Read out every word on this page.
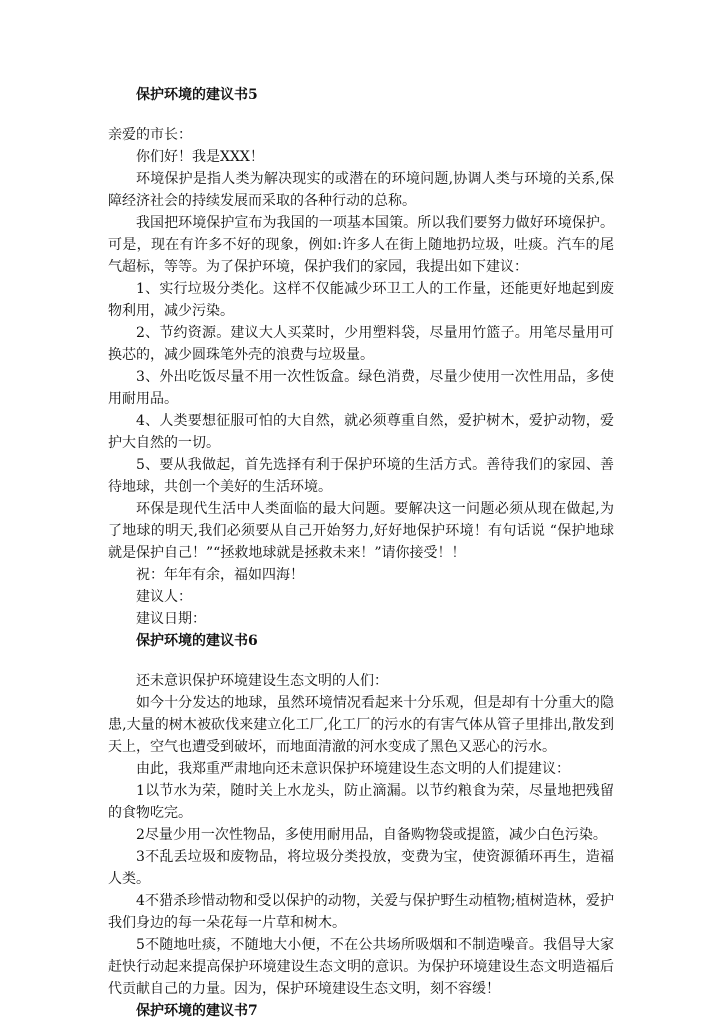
保护环境的建议书5

亲爱的市长：

你们好！我是XXX！

环境保护是指人类为解决现实的或潜在的环境问题,协调人类与环境的关系,保障经济社会的持续发展而采取的各种行动的总称。

我国把环境保护宣布为我国的一项基本国策。所以我们要努力做好环境保护。可是，现在有许多不好的现象，例如:许多人在街上随地扔垃圾，吐痰。汽车的尾气超标，等等。为了保护环境，保护我们的家园，我提出如下建议：

1、实行垃圾分类化。这样不仅能减少环卫工人的工作量，还能更好地起到废物利用，减少污染。

2、节约资源。建议大人买菜时，少用塑料袋，尽量用竹篮子。用笔尽量用可换芯的，减少圆珠笔外壳的浪费与垃圾量。

3、外出吃饭尽量不用一次性饭盒。绿色消费，尽量少使用一次性用品，多使用耐用品。

4、人类要想征服可怕的大自然，就必须尊重自然，爱护树木，爱护动物，爱护大自然的一切。

5、要从我做起，首先选择有利于保护环境的生活方式。善待我们的家园、善待地球，共创一个美好的生活环境。

环保是现代生活中人类面临的最大问题。要解决这一问题必须从现在做起,为了地球的明天,我们必须要从自己开始努力,好好地保护环境！有句话说 “保护地球就是保护自己！”“拯救地球就是拯救未来！”请你接受！！

祝：年年有余，福如四海！

建议人：

建议日期：

保护环境的建议书6

还未意识保护环境建设生态文明的人们：

如今十分发达的地球，虽然环境情况看起来十分乐观，但是却有十分重大的隐患,大量的树木被砍伐来建立化工厂,化工厂的污水的有害气体从管子里排出,散发到天上，空气也遭受到破坏，而地面清澈的河水变成了黑色又恶心的污水。

由此，我郑重严肃地向还未意识保护环境建设生态文明的人们提建议：

1以节水为荣，随时关上水龙头，防止滴漏。以节约粮食为荣，尽量地把残留的食物吃完。

2尽量少用一次性物品，多使用耐用品，自备购物袋或提篮，减少白色污染。

3不乱丢垃圾和废物品，将垃圾分类投放，变费为宝，使资源循环再生，造福人类。

4不猎杀珍惜动物和受以保护的动物，关爱与保护野生动植物;植树造林，爱护我们身边的每一朵花每一片草和树木。

5不随地吐痰，不随地大小便，不在公共场所吸烟和不制造噪音。我倡导大家赶快行动起来提高保护环境建设生态文明的意识。为保护环境建设生态文明造福后代贡献自己的力量。因为，保护环境建设生态文明，刻不容缓！

保护环境的建议书7
